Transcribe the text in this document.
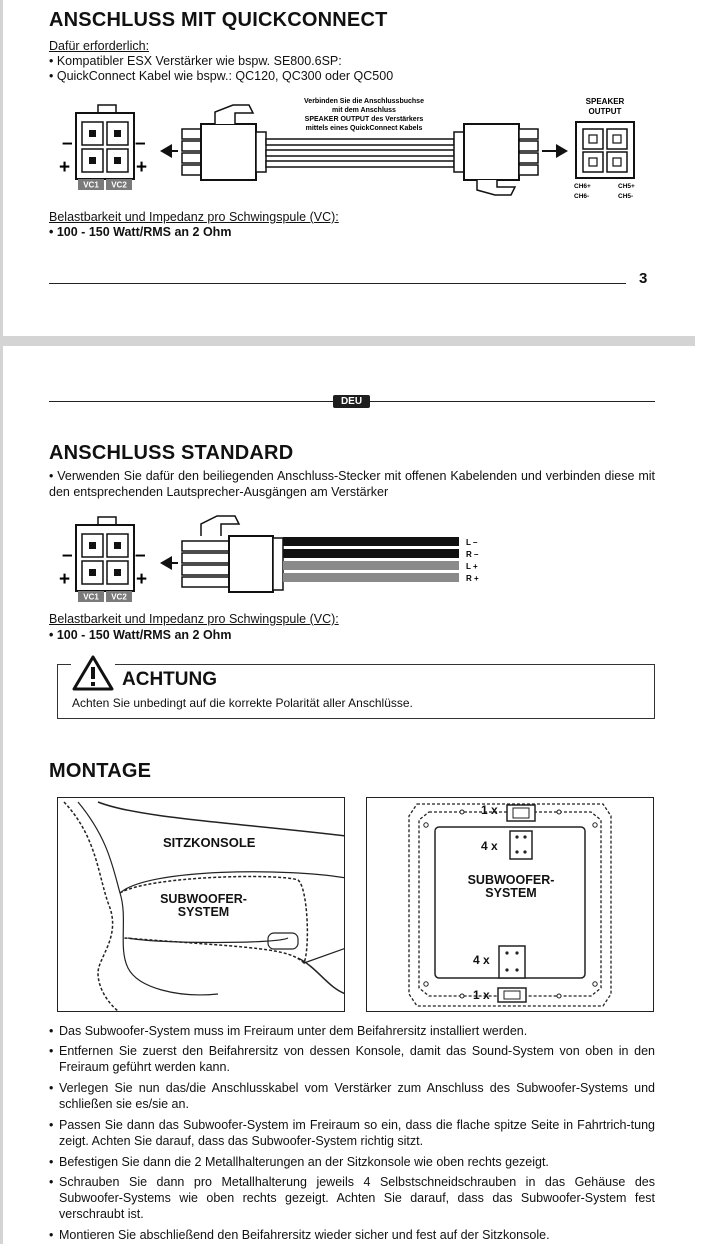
ANSCHLUSS MIT QUICKCONNECT
Dafür erforderlich:
• Kompatibler ESX Verstärker wie bspw. SE800.6SP:
• QuickConnect Kabel wie bspw.: QC120, QC300 oder QC500
VC1 VC2
–	–
+	+
Verbinden Sie die Anschlussbuchse
mit dem Anschluss
SPEAKER OUTPUT des Verstärkers
mittels eines QuickConnect Kabels
SPEAKER
OUTPUT
CH6+
CH6-
CH5+
CH5-
Belastbarkeit und Impedanz pro Schwingspule (VC):
• 100 - 150 Watt/RMS an 2 Ohm
3
DEU
ANSCHLUSS STANDARD
• Verwenden Sie dafür den beiliegenden Anschluss-Stecker mit offenen Kabelenden und verbinden diese mit den entsprechenden Lautsprecher-Ausgängen am Verstärker
VC1 VC2
–	–
+	+
L –
R –
L +
R +
Belastbarkeit und Impedanz pro Schwingspule (VC):
• 100 - 150 Watt/RMS an 2 Ohm
ACHTUNG
Achten Sie unbedingt auf die korrekte Polarität aller Anschlüsse.
MONTAGE
SITZKONSOLE
SUBWOOFER-
SYSTEM
1 x
4 x
SUBWOOFER-
SYSTEM
4 x
1 x
• Das Subwoofer-System muss im Freiraum unter dem Beifahrersitz installiert werden.
• Entfernen Sie zuerst den Beifahrersitz von dessen Konsole, damit das Sound-System von oben in den Freiraum geführt werden kann.
• Verlegen Sie nun das/die Anschlusskabel vom Verstärker zum Anschluss des Subwoofer-Systems und schließen sie es/sie an.
• Passen Sie dann das Subwoofer-System im Freiraum so ein, dass die flache spitze Seite in Fahrtrich-tung zeigt. Achten Sie darauf, dass das Subwoofer-System richtig sitzt.
• Befestigen Sie dann die 2 Metallhalterungen an der Sitzkonsole wie oben rechts gezeigt.
• Schrauben Sie dann pro Metallhalterung jeweils 4 Selbstschneidschrauben in das Gehäuse des Subwoofer-Systems wie oben rechts gezeigt. Achten Sie darauf, dass das Subwoofer-System fest verschraubt ist.
• Montieren Sie abschließend den Beifahrersitz wieder sicher und fest auf der Sitzkonsole.
